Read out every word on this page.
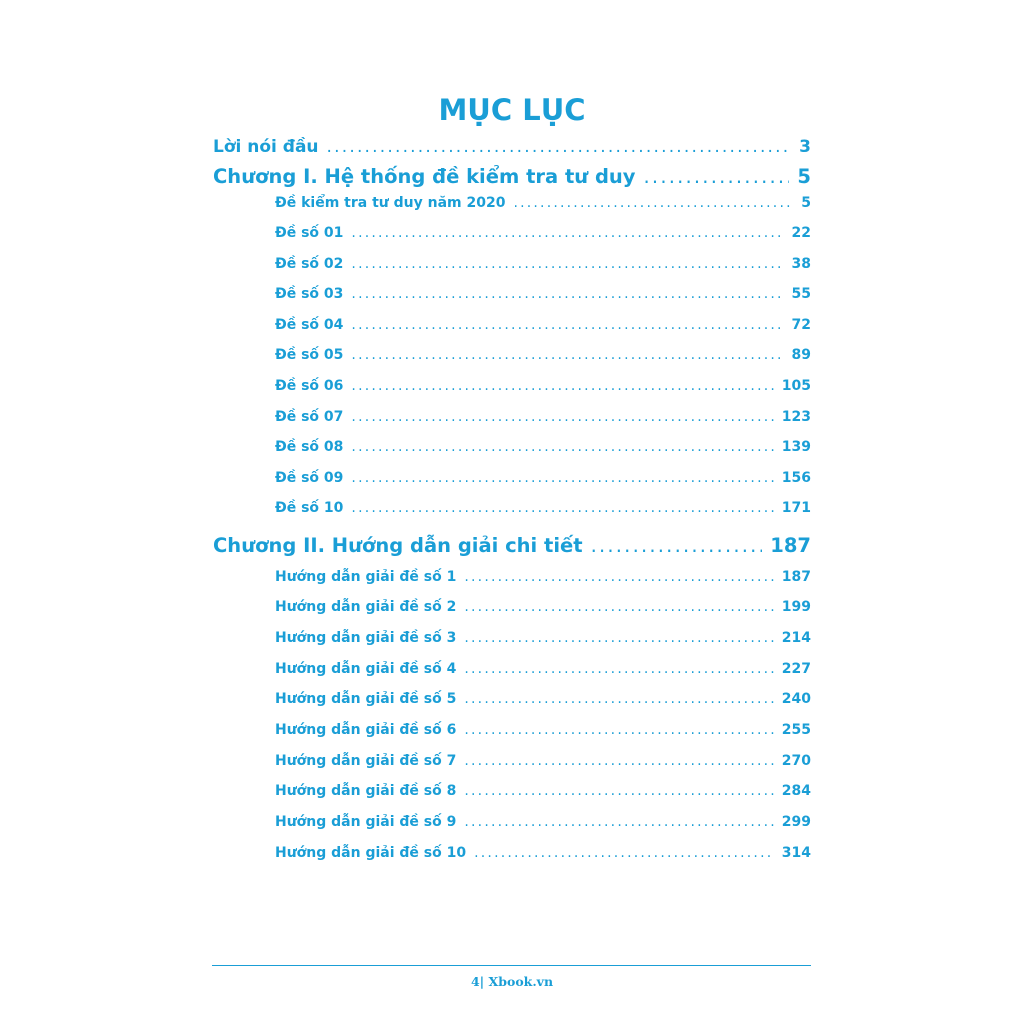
MỤC LỤC
Lời nói đầu .....	3
Chương I. Hệ thống đề kiểm tra tư duy .....	5
Đề kiểm tra tư duy năm 2020 .....	5
Đề số 01 .....	22
Đề số 02 .....	38
Đề số 03 .....	55
Đề số 04 .....	72
Đề số 05 .....	89
Đề số 06 .....	105
Đề số 07 .....	123
Đề số 08 .....	139
Đề số 09 .....	156
Đề số 10 .....	171
Chương II. Hướng dẫn giải chi tiết .....	187
Hướng dẫn giải đề số 1 .....	187
Hướng dẫn giải đề số 2 .....	199
Hướng dẫn giải đề số 3 .....	214
Hướng dẫn giải đề số 4 .....	227
Hướng dẫn giải đề số 5 .....	240
Hướng dẫn giải đề số 6 .....	255
Hướng dẫn giải đề số 7 .....	270
Hướng dẫn giải đề số 8 .....	284
Hướng dẫn giải đề số 9 .....	299
Hướng dẫn giải đề số 10 .....	314
4| Xbook.vn
